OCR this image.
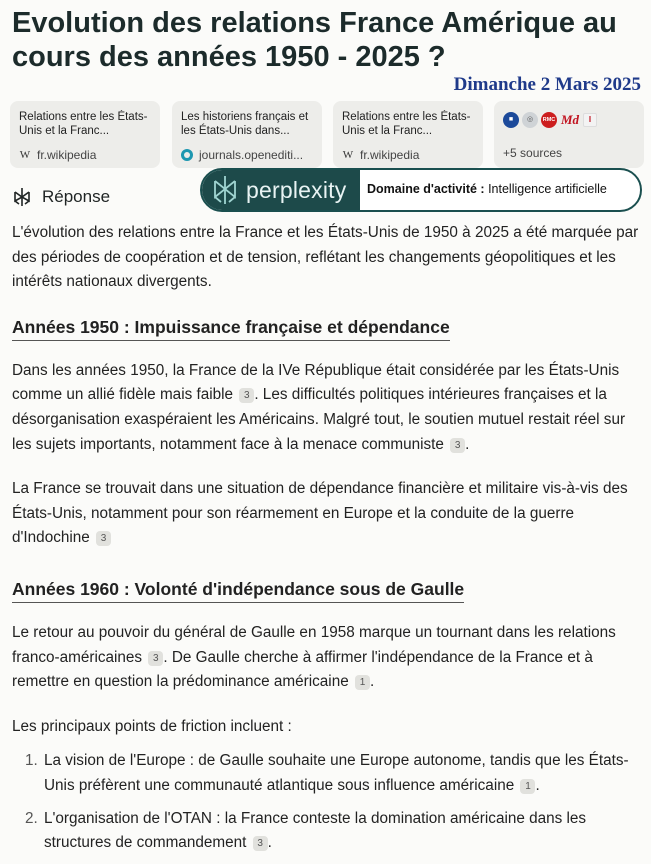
Evolution des relations France Amérique au cours des années 1950 - 2025 ?
Dimanche 2 Mars 2025
Relations entre les États-Unis et la Franc...
W fr.wikipedia
Les historiens français et les États-Unis dans...
journals.openediti...
Relations entre les États-Unis et la Franc...
W fr.wikipedia
■	◎	RMC Md	I
+5 sources
Réponse	perplexity Domaine d'activité : Intelligence artificielle

L'évolution des relations entre la France et les États-Unis de 1950 à 2025 a été marquée par des périodes de coopération et de tension, reflétant les changements géopolitiques et les intérêts nationaux divergents.

Années 1950 : Impuissance française et dépendance

Dans les années 1950, la France de la IVe République était considérée par les États-Unis comme un allié fidèle mais faible 3 . Les difficultés politiques intérieures françaises et la désorganisation exaspéraient les Américains. Malgré tout, le soutien mutuel restait réel sur les sujets importants, notamment face à la menace communiste 3 .

La France se trouvait dans une situation de dépendance financière et militaire vis-à-vis des États-Unis, notamment pour son réarmement en Europe et la conduite de la guerre d'Indochine 3

Années 1960 : Volonté d'indépendance sous de Gaulle

Le retour au pouvoir du général de Gaulle en 1958 marque un tournant dans les relations franco-américaines 3 . De Gaulle cherche à affirmer l'indépendance de la France et à remettre en question la prédominance américaine 1 .

Les principaux points de friction incluent :

1. La vision de l'Europe : de Gaulle souhaite une Europe autonome, tandis que les États-Unis préfèrent une communauté atlantique sous influence américaine 1 .
2. L'organisation de l'OTAN : la France conteste la domination américaine dans les structures de commandement 3 .
